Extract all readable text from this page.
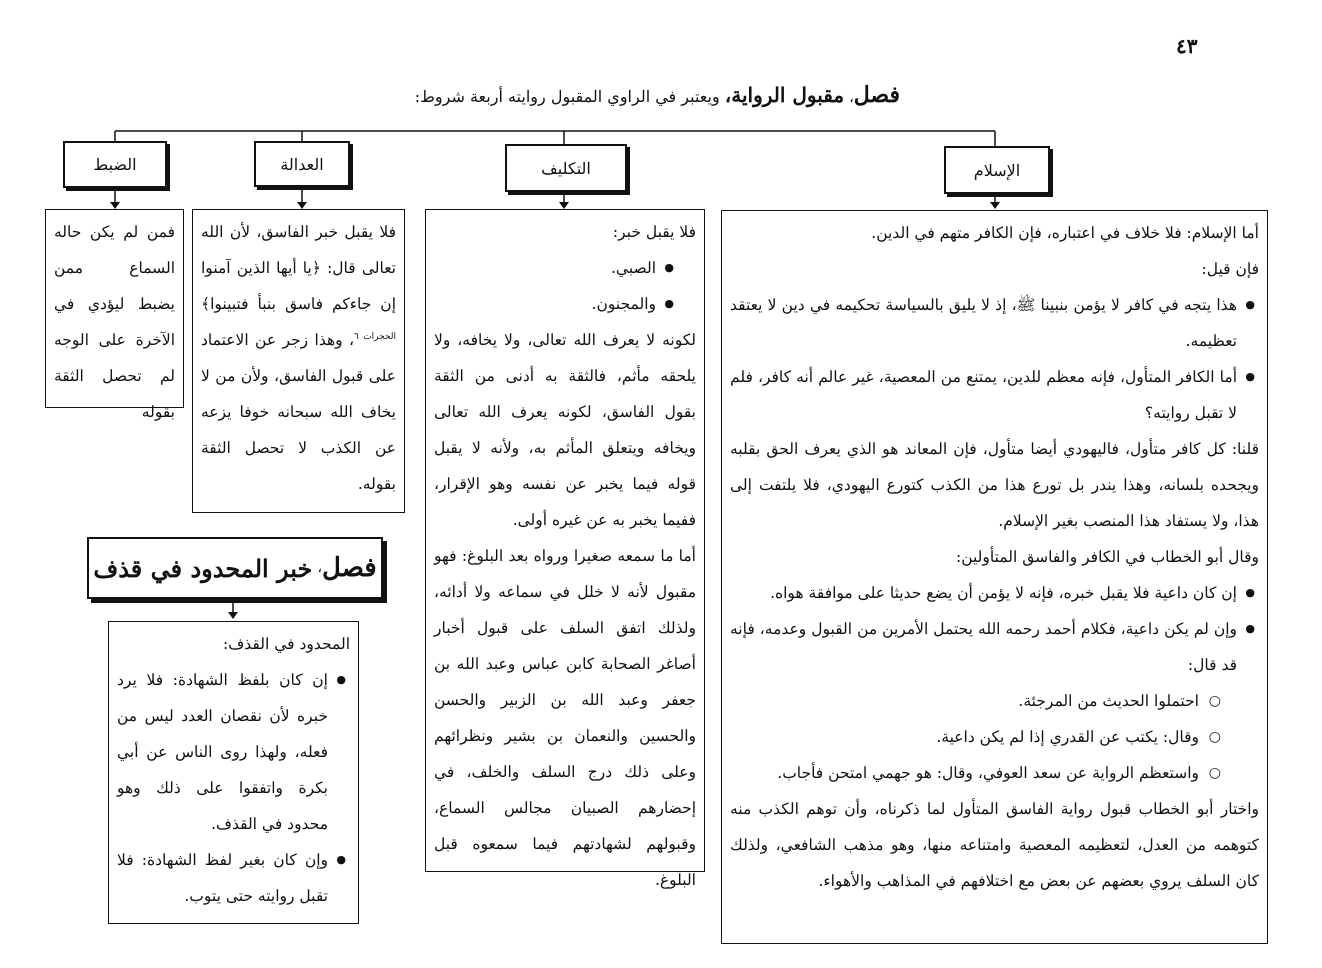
٤٣
فصل، مقبول الرواية، ويعتبر في الراوي المقبول روايته أربعة شروط:
الإسلام
التكليف
العدالة
الضبط

أما الإسلام: فلا خلاف في اعتباره، فإن الكافر متهم في الدين.

فإن قيل:

● هذا يتجه في كافر لا يؤمن بنبينا ﷺ، إذ لا يليق بالسياسة تحكيمه في دين لا يعتقد تعظيمه.
● أما الكافر المتأول، فإنه معظم للدين، يمتنع من المعصية، غير عالم أنه كافر، فلم لا تقبل روايته؟

قلنا: كل كافر متأول، فاليهودي أيضا متأول، فإن المعاند هو الذي يعرف الحق بقلبه ويجحده بلسانه، وهذا يندر بل تورع هذا من الكذب كتورع اليهودي، فلا يلتفت إلى هذا، ولا يستفاد هذا المنصب بغير الإسلام.

وقال أبو الخطاب في الكافر والفاسق المتأولين:

● إن كان داعية فلا يقبل خبره، فإنه لا يؤمن أن يضع حديثا على موافقة هواه.
● وإن لم يكن داعية، فكلام أحمد رحمه الله يحتمل الأمرين من القبول وعدمه، فإنه قد قال:
○ احتملوا الحديث من المرجئة.
○ وقال: يكتب عن القدري إذا لم يكن داعية.
○ واستعظم الرواية عن سعد العوفي، وقال: هو جهمي امتحن فأجاب.

واختار أبو الخطاب قبول رواية الفاسق المتأول لما ذكرناه، وأن توهم الكذب منه كتوهمه من العدل، لتعظيمه المعصية وامتناعه منها، وهو مذهب الشافعي، ولذلك كان السلف يروي بعضهم عن بعض مع اختلافهم في المذاهب والأهواء.

فلا يقبل خبر:

● الصبي.
● والمجنون.

لكونه لا يعرف الله تعالى، ولا يخافه، ولا يلحقه مأثم، فالثقة به أدنى من الثقة بقول الفاسق، لكونه يعرف الله تعالى ويخافه ويتعلق المأثم به، ولأنه لا يقبل قوله فيما يخبر عن نفسه وهو الإقرار، ففيما يخبر به عن غيره أولى.

أما ما سمعه صغيرا ورواه بعد البلوغ: فهو مقبول لأنه لا خلل في سماعه ولا أدائه، ولذلك اتفق السلف على قبول أخبار أصاغر الصحابة كابن عباس وعبد الله بن جعفر وعبد الله بن الزبير والحسن والحسين والنعمان بن بشير ونظرائهم وعلى ذلك درج السلف والخلف، في إحضارهم الصبيان مجالس السماع، وقبولهم لشهادتهم فيما سمعوه قبل البلوغ.

فلا يقبل خبر الفاسق، لأن الله تعالى قال: ﴿يا أيها الذين آمنوا إن جاءكم فاسق بنبأ فتبينوا﴾$^{الحجرات ٦}$، وهذا زجر عن الاعتماد على قبول الفاسق، ولأن من لا يخاف الله سبحانه خوفا يزعه عن الكذب لا تحصل الثقة بقوله.

فمن لم يكن حاله السماع ممن يضبط ليؤدي في الآخرة على الوجه لم تحصل الثقة بقوله

فصل
،

خبر المحدود في قذف

المحدود في القذف:

● إن كان بلفظ الشهادة: فلا يرد خبره لأن نقصان العدد ليس من فعله، ولهذا روى الناس عن أبي بكرة واتفقوا على ذلك وهو محدود في القذف.
● وإن كان بغير لفظ الشهادة: فلا تقبل روايته حتى يتوب.
